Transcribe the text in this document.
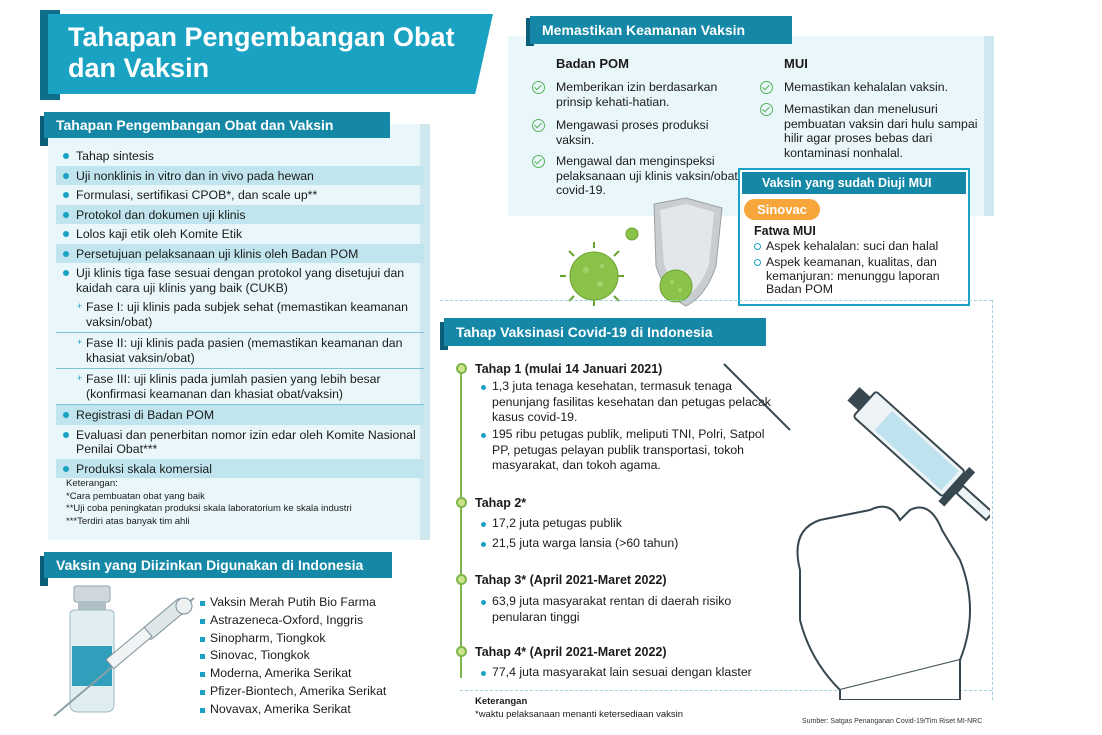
Tahapan Pengembangan Obat dan Vaksin
Tahapan Pengembangan Obat dan Vaksin
Tahap sintesis
Uji nonklinis in vitro dan in vivo pada hewan
Formulasi, sertifikasi CPOB*, dan scale up**
Protokol dan dokumen uji klinis
Lolos kaji etik oleh Komite Etik
Persetujuan pelaksanaan uji klinis oleh Badan POM
Uji klinis tiga fase sesuai dengan protokol yang disetujui dan kaidah cara uji klinis yang baik (CUKB)
+ Fase I: uji klinis pada subjek sehat (memastikan keamanan vaksin/obat)
+ Fase II: uji klinis pada pasien (memastikan keamanan dan khasiat vaksin/obat)
+ Fase III: uji klinis pada jumlah pasien yang lebih besar (konfirmasi keamanan dan khasiat obat/vaksin)
Registrasi di Badan POM
Evaluasi dan penerbitan nomor izin edar oleh Komite Nasional Penilai Obat***
Produksi skala komersial
Keterangan:
*Cara pembuatan obat yang baik
**Uji coba peningkatan produksi skala laboratorium ke skala industri
***Terdiri atas banyak tim ahli
Vaksin yang Diizinkan Digunakan di Indonesia
Vaksin Merah Putih Bio Farma
Astrazeneca-Oxford, Inggris
Sinopharm, Tiongkok
Sinovac, Tiongkok
Moderna, Amerika Serikat
Pfizer-Biontech, Amerika Serikat
Novavax, Amerika Serikat
Memastikan Keamanan Vaksin
Badan POM	MUI
Memberikan izin berdasarkan prinsip kehati-hatian.
Mengawasi proses produksi vaksin.
Mengawal dan menginspeksi pelaksanaan uji klinis vaksin/obat covid-19.
Memastikan kehalalan vaksin.
Memastikan dan menelusuri pembuatan vaksin dari hulu sampai hilir agar proses bebas dari kontaminasi nonhalal.
Vaksin yang sudah Diuji MUI
Sinovac
Fatwa MUI
Aspek kehalalan: suci dan halal
Aspek keamanan, kualitas, dan kemanjuran: menunggu laporan Badan POM
Tahap Vaksinasi Covid-19 di Indonesia
Tahap 1 (mulai 14 Januari 2021)
1,3 juta tenaga kesehatan, termasuk tenaga penunjang fasilitas kesehatan dan petugas pelacak kasus covid-19.
195 ribu petugas publik, meliputi TNI, Polri, Satpol PP, petugas pelayan publik transportasi, tokoh masyarakat, dan tokoh agama.
Tahap 2*
17,2 juta petugas publik
21,5 juta warga lansia (>60 tahun)
Tahap 3* (April 2021-Maret 2022)
63,9 juta masyarakat rentan di daerah risiko penularan tinggi
Tahap 4* (April 2021-Maret 2022)
77,4 juta masyarakat lain sesuai dengan klaster
Keterangan
*waktu pelaksanaan menanti ketersediaan vaksin
Sumber: Satgas Penanganan Covid-19/Tim Riset MI-NRC
